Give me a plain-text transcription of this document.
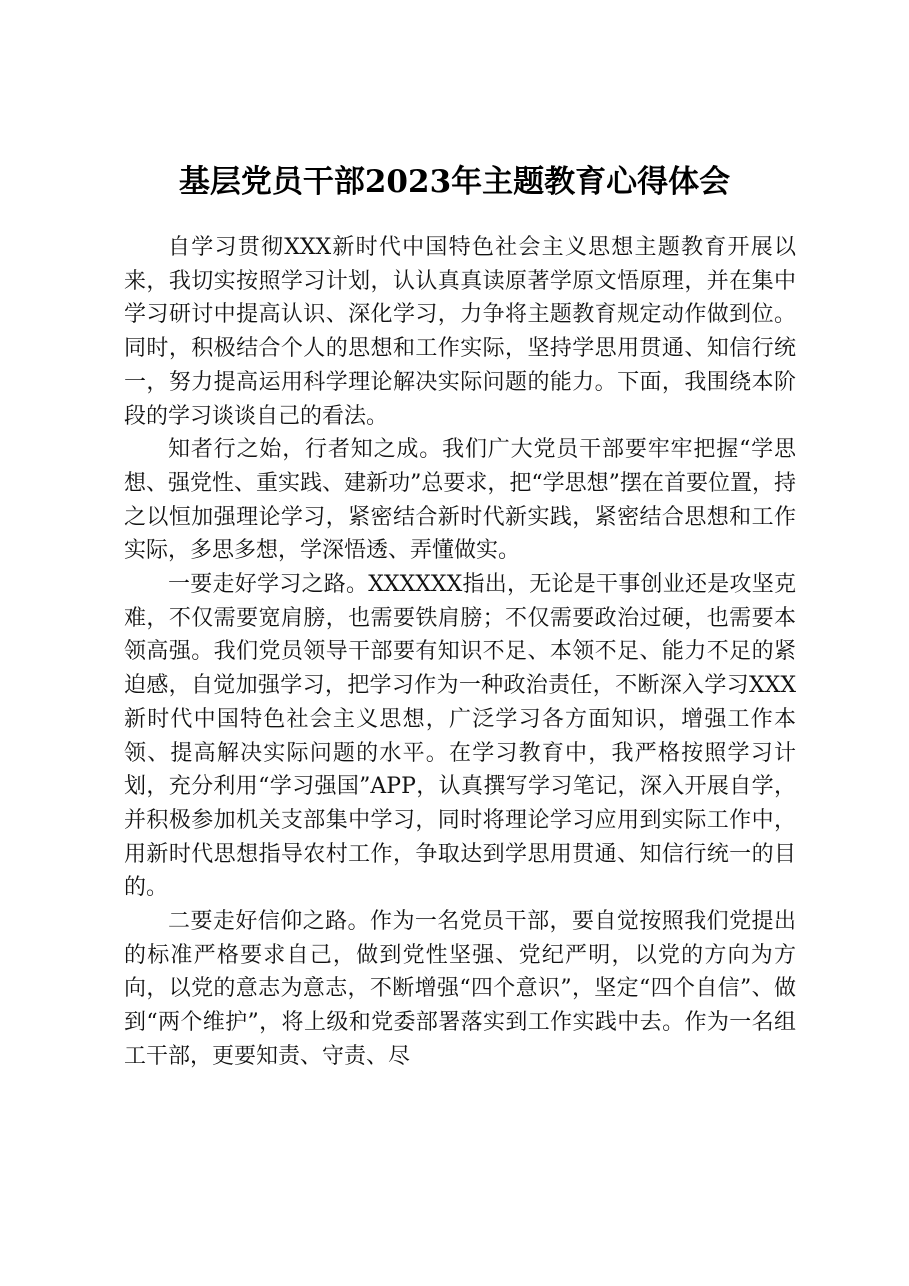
基层党员干部2023年主题教育心得体会

自学习贯彻XXX新时代中国特色社会主义思想主题教育开展以来，我切实按照学习计划，认认真真读原著学原文悟原理，并在集中学习研讨中提高认识、深化学习，力争将主题教育规定动作做到位。同时，积极结合个人的思想和工作实际，坚持学思用贯通、知信行统一，努力提高运用科学理论解决实际问题的能力。下面，我围绕本阶段的学习谈谈自己的看法。

知者行之始，行者知之成。我们广大党员干部要牢牢把握“学思想、强党性、重实践、建新功”总要求，把“学思想”摆在首要位置，持之以恒加强理论学习，紧密结合新时代新实践，紧密结合思想和工作实际，多思多想，学深悟透、弄懂做实。

一要走好学习之路。XXXXXX指出，无论是干事创业还是攻坚克难，不仅需要宽肩膀，也需要铁肩膀；不仅需要政治过硬，也需要本领高强。我们党员领导干部要有知识不足、本领不足、能力不足的紧迫感，自觉加强学习，把学习作为一种政治责任，不断深入学习XXX新时代中国特色社会主义思想，广泛学习各方面知识，增强工作本领、提高解决实际问题的水平。在学习教育中，我严格按照学习计划，充分利用“学习强国”APP，认真撰写学习笔记，深入开展自学，并积极参加机关支部集中学习，同时将理论学习应用到实际工作中，用新时代思想指导农村工作，争取达到学思用贯通、知信行统一的目的。

二要走好信仰之路。作为一名党员干部，要自觉按照我们党提出的标准严格要求自己，做到党性坚强、党纪严明，以党的方向为方向，以党的意志为意志，不断增强“四个意识”，坚定“四个自信”、做到“两个维护”，将上级和党委部署落实到工作实践中去。作为一名组工干部，更要知责、守责、尽
